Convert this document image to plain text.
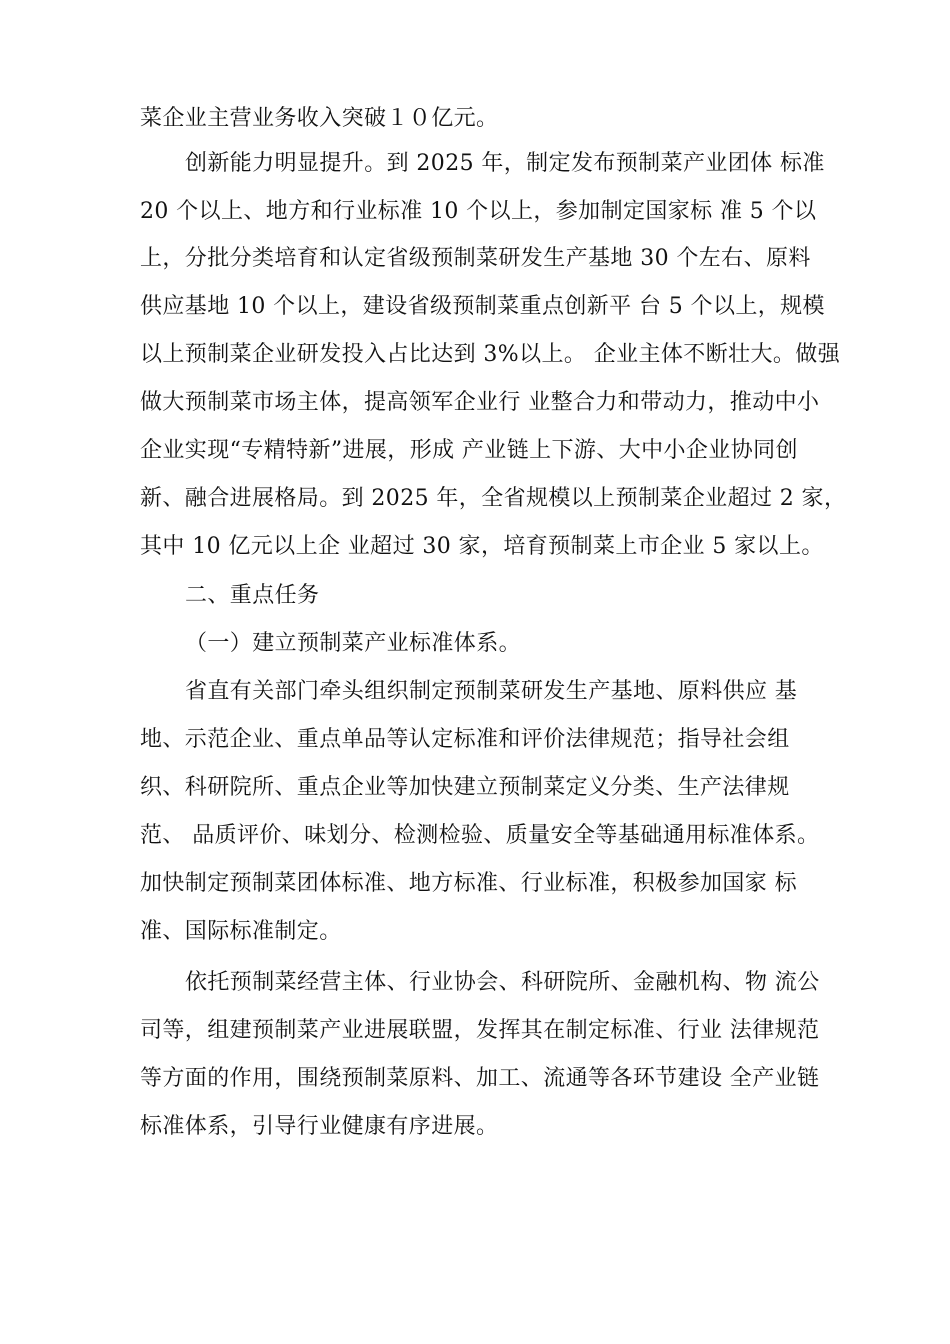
菜企业主营业务收入突破１０亿元。
创新能力明显提升。到 2025 年，制定发布预制菜产业团体 标准
20 个以上、地方和行业标准 10 个以上，参加制定国家标 准 5 个以
上，分批分类培育和认定省级预制菜研发生产基地 30 个左右、原料
供应基地 10 个以上，建设省级预制菜重点创新平 台 5 个以上，规模
以上预制菜企业研发投入占比达到 3%以上。 企业主体不断壮大。做强
做大预制菜市场主体，提高领军企业行 业整合力和带动力，推动中小
企业实现“专精特新”进展，形成 产业链上下游、大中小企业协同创
新、融合进展格局。到 2025 年，全省规模以上预制菜企业超过 2 家，
其中 10 亿元以上企 业超过 30 家，培育预制菜上市企业 5 家以上。
二、重点任务
（一）建立预制菜产业标准体系。
省直有关部门牵头组织制定预制菜研发生产基地、原料供应 基
地、示范企业、重点单品等认定标准和评价法律规范；指导社会组
织、科研院所、重点企业等加快建立预制菜定义分类、生产法律规
范、 品质评价、味划分、检测检验、质量安全等基础通用标准体系。
加快制定预制菜团体标准、地方标准、行业标准，积极参加国家 标
准、国际标准制定。
依托预制菜经营主体、行业协会、科研院所、金融机构、物 流公
司等，组建预制菜产业进展联盟，发挥其在制定标准、行业 法律规范
等方面的作用，围绕预制菜原料、加工、流通等各环节建设 全产业链
标准体系，引导行业健康有序进展。
